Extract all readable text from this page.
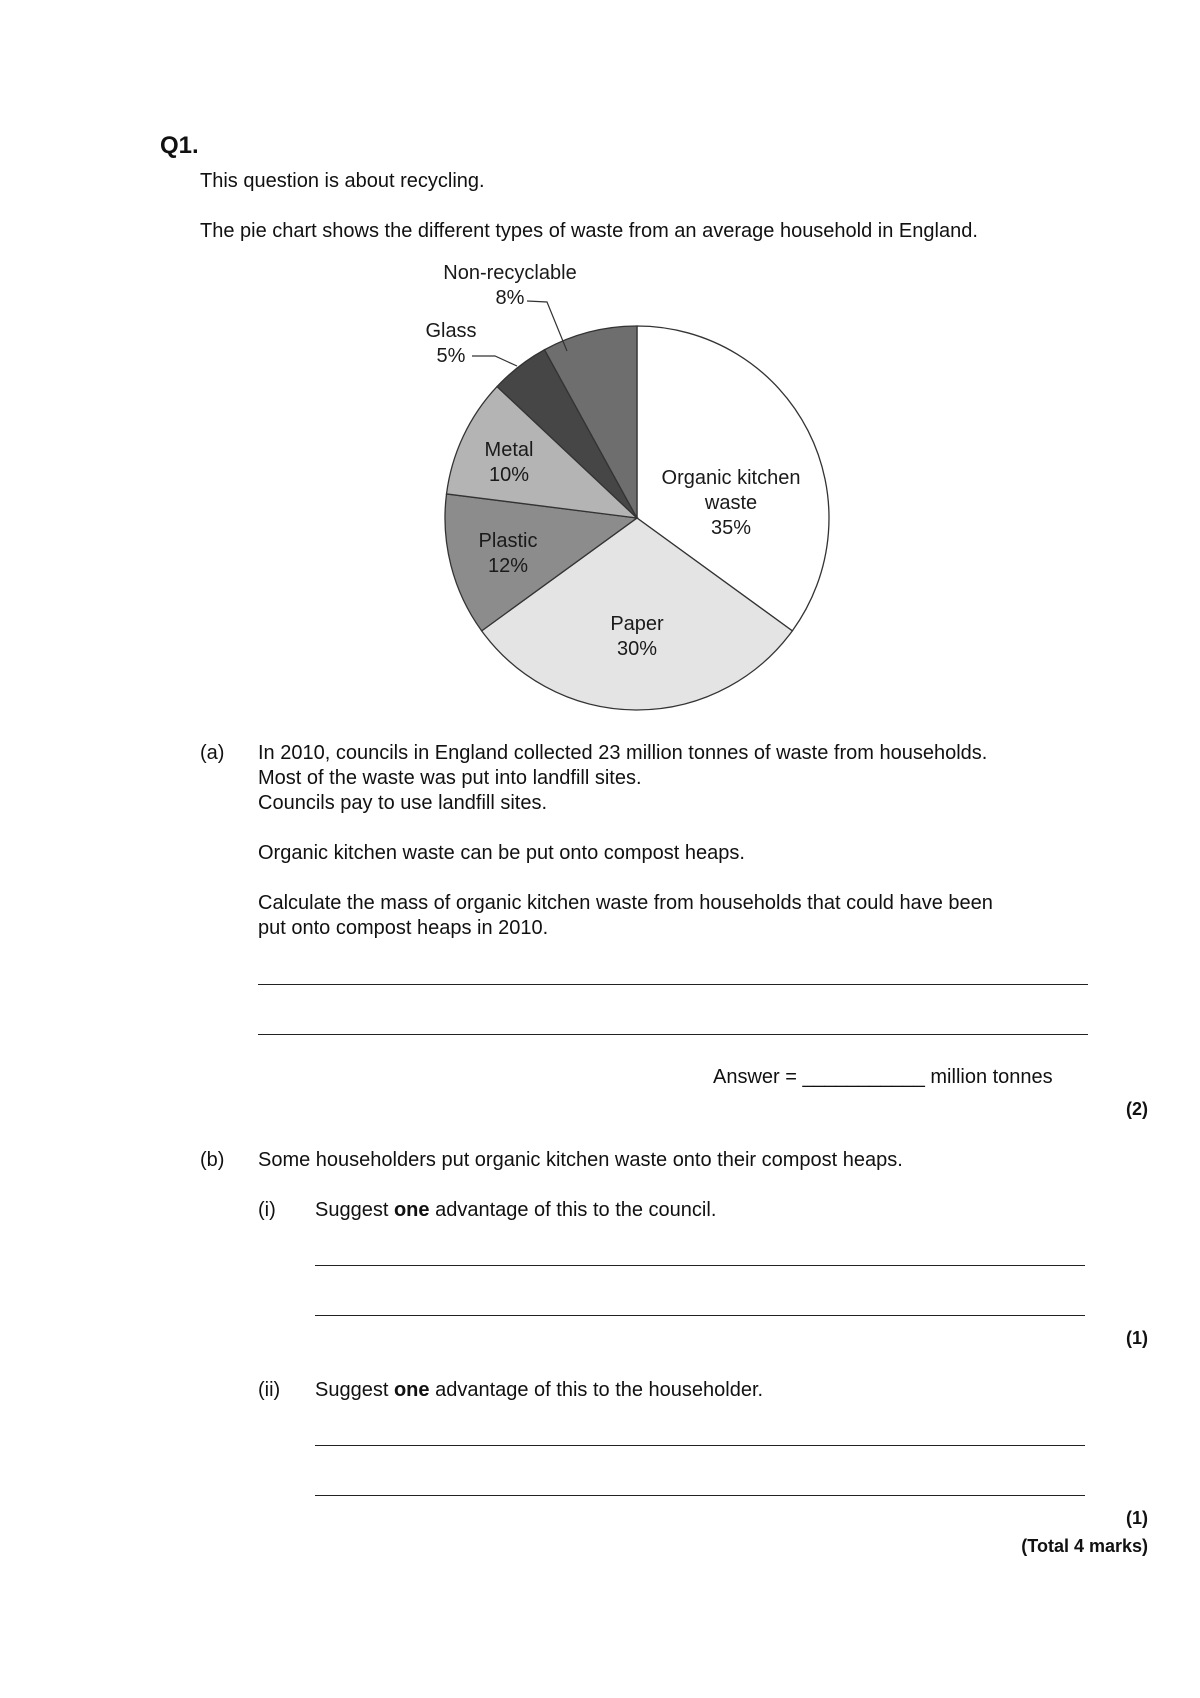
Q1.
This question is about recycling.
The pie chart shows the different types of waste from an average household in England.
Organic kitchen waste 35%
Paper 30%
Plastic 12%
Metal 10%
Glass 5%
Non-recyclable 8%
(a) In 2010, councils in England collected 23 million tonnes of waste from households.
Most of the waste was put into landfill sites.
Councils pay to use landfill sites.
Organic kitchen waste can be put onto compost heaps.
Calculate the mass of organic kitchen waste from households that could have been
put onto compost heaps in 2010.
Answer = ___________ million tonnes
(2)
(b) Some householders put organic kitchen waste onto their compost heaps.
(i) Suggest one advantage of this to the council.
(1)
(ii) Suggest one advantage of this to the householder.
(1)
(Total 4 marks)
